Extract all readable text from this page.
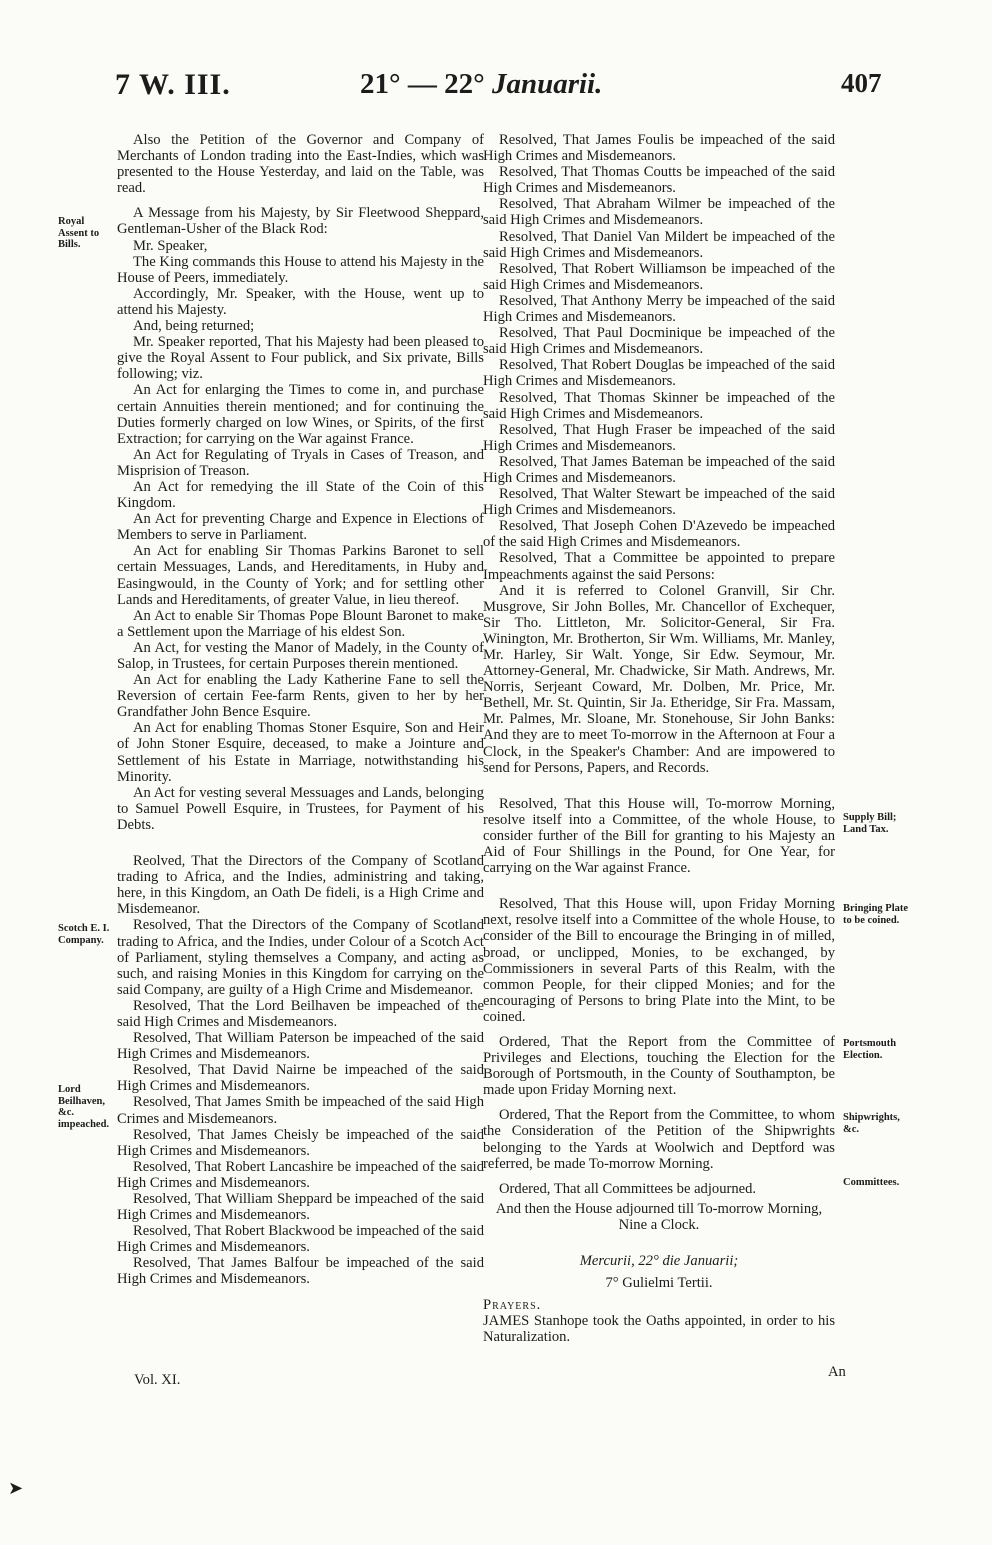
7 W. III.	21° — 22° Januarii.	407
Royal Assent to Bills.
Scotch E. I. Company.
Lord Beilhaven, &c. impeached.
Supply Bill; Land Tax.
Bringing Plate to be coined.
Portsmouth Election.
Shipwrights, &c.
Committees.

Also the Petition of the Governor and Company of Merchants of London trading into the East-Indies, which was presented to the House Yesterday, and laid on the Table, was read.

A Message from his Majesty, by Sir Fleetwood Sheppard, Gentleman-Usher of the Black Rod:

Mr. Speaker,

The King commands this House to attend his Majesty in the House of Peers, immediately.

Accordingly, Mr. Speaker, with the House, went up to attend his Majesty.

And, being returned;

Mr. Speaker reported, That his Majesty had been pleased to give the Royal Assent to Four publick, and Six private, Bills following; viz.

An Act for enlarging the Times to come in, and purchase certain Annuities therein mentioned; and for continuing the Duties formerly charged on low Wines, or Spirits, of the first Extraction; for carrying on the War against France.

An Act for Regulating of Tryals in Cases of Treason, and Misprision of Treason.

An Act for remedying the ill State of the Coin of this Kingdom.

An Act for preventing Charge and Expence in Elections of Members to serve in Parliament.

An Act for enabling Sir Thomas Parkins Baronet to sell certain Messuages, Lands, and Hereditaments, in Huby and Easingwould, in the County of York; and for settling other Lands and Hereditaments, of greater Value, in lieu thereof.

An Act to enable Sir Thomas Pope Blount Baronet to make a Settlement upon the Marriage of his eldest Son.

An Act, for vesting the Manor of Madely, in the County of Salop, in Trustees, for certain Purposes therein mentioned.

An Act for enabling the Lady Katherine Fane to sell the Reversion of certain Fee-farm Rents, given to her by her Grandfather John Bence Esquire.

An Act for enabling Thomas Stoner Esquire, Son and Heir of John Stoner Esquire, deceased, to make a Jointure and Settlement of his Estate in Marriage, notwithstanding his Minority.

An Act for vesting several Messuages and Lands, belonging to Samuel Powell Esquire, in Trustees, for Payment of his Debts.

Reolved, That the Directors of the Company of Scotland trading to Africa, and the Indies, administring and taking, here, in this Kingdom, an Oath De fideli, is a High Crime and Misdemeanor.

Resolved, That the Directors of the Company of Scotland trading to Africa, and the Indies, under Colour of a Scotch Act of Parliament, styling themselves a Company, and acting as such, and raising Monies in this Kingdom for carrying on the said Company, are guilty of a High Crime and Misdemeanor.

Resolved, That the Lord Beilhaven be impeached of the said High Crimes and Misdemeanors.

Resolved, That William Paterson be impeached of the said High Crimes and Misdemeanors.

Resolved, That David Nairne be impeached of the said High Crimes and Misdemeanors.

Resolved, That James Smith be impeached of the said High Crimes and Misdemeanors.

Resolved, That James Cheisly be impeached of the said High Crimes and Misdemeanors.

Resolved, That Robert Lancashire be impeached of the said High Crimes and Misdemeanors.

Resolved, That William Sheppard be impeached of the said High Crimes and Misdemeanors.

Resolved, That Robert Blackwood be impeached of the said High Crimes and Misdemeanors.

Resolved, That James Balfour be impeached of the said High Crimes and Misdemeanors.

Resolved, That James Foulis be impeached of the said High Crimes and Misdemeanors.

Resolved, That Thomas Coutts be impeached of the said High Crimes and Misdemeanors.

Resolved, That Abraham Wilmer be impeached of the said High Crimes and Misdemeanors.

Resolved, That Daniel Van Mildert be impeached of the said High Crimes and Misdemeanors.

Resolved, That Robert Williamson be impeached of the said High Crimes and Misdemeanors.

Resolved, That Anthony Merry be impeached of the said High Crimes and Misdemeanors.

Resolved, That Paul Docminique be impeached of the said High Crimes and Misdemeanors.

Resolved, That Robert Douglas be impeached of the said High Crimes and Misdemeanors.

Resolved, That Thomas Skinner be impeached of the said High Crimes and Misdemeanors.

Resolved, That Hugh Fraser be impeached of the said High Crimes and Misdemeanors.

Resolved, That James Bateman be impeached of the said High Crimes and Misdemeanors.

Resolved, That Walter Stewart be impeached of the said High Crimes and Misdemeanors.

Resolved, That Joseph Cohen D'Azevedo be impeached of the said High Crimes and Misdemeanors.

Resolved, That a Committee be appointed to prepare Impeachments against the said Persons:

And it is referred to Colonel Granvill, Sir Chr. Musgrove, Sir John Bolles, Mr. Chancellor of Exchequer, Sir Tho. Littleton, Mr. Solicitor-General, Sir Fra. Winington, Mr. Brotherton, Sir Wm. Williams, Mr. Manley, Mr. Harley, Sir Walt. Yonge, Sir Edw. Seymour, Mr. Attorney-General, Mr. Chadwicke, Sir Math. Andrews, Mr. Norris, Serjeant Coward, Mr. Dolben, Mr. Price, Mr. Bethell, Mr. St. Quintin, Sir Ja. Etheridge, Sir Fra. Massam, Mr. Palmes, Mr. Sloane, Mr. Stonehouse, Sir John Banks: And they are to meet To-morrow in the Afternoon at Four a Clock, in the Speaker's Chamber: And are impowered to send for Persons, Papers, and Records.

Resolved, That this House will, To-morrow Morning, resolve itself into a Committee, of the whole House, to consider further of the Bill for granting to his Majesty an Aid of Four Shillings in the Pound, for One Year, for carrying on the War against France.

Resolved, That this House will, upon Friday Morning next, resolve itself into a Committee of the whole House, to consider of the Bill to encourage the Bringing in of milled, broad, or unclipped, Monies, to be exchanged, by Commissioners in several Parts of this Realm, with the common People, for their clipped Monies; and for the encouraging of Persons to bring Plate into the Mint, to be coined.

Ordered, That the Report from the Committee of Privileges and Elections, touching the Election for the Borough of Portsmouth, in the County of Southampton, be made upon Friday Morning next.

Ordered, That the Report from the Committee, to whom the Consideration of the Petition of the Shipwrights belonging to the Yards at Woolwich and Deptford was referred, be made To-morrow Morning.

Ordered, That all Committees be adjourned.

And then the House adjourned till To-morrow Morning, Nine a Clock.

Mercurii, 22° die Januarii;

7° Gulielmi Tertii.

Prayers.

JAMES Stanhope took the Oaths appointed, in order to his Naturalization.

Vol. XI.	An
➤
